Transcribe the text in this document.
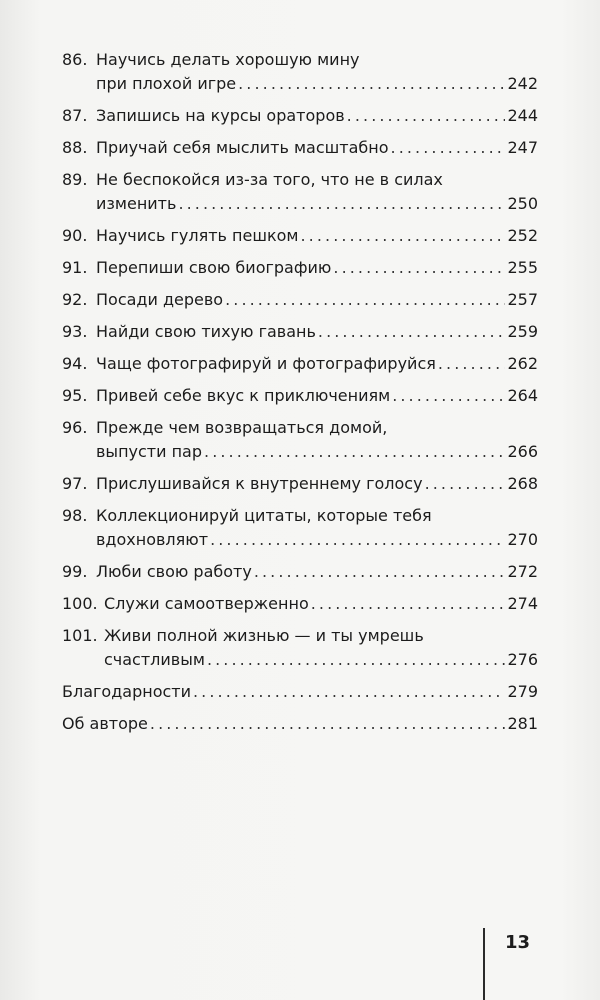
86. Научись делать хорошую мину
при плохой игре . . .	242
87. Запишись на курсы ораторов . . .	244
88. Приучай себя мыслить масштабно . . .	247
89. Не беспокойся из-за того, что не в силах
изменить . . .	250
90. Научись гулять пешком . . .	252
91. Перепиши свою биографию . . .	255
92. Посади дерево . . .	257
93. Найди свою тихую гавань . . .	259
94. Чаще фотографируй и фотографируйся . . .	262
95. Привей себе вкус к приключениям . . .	264
96. Прежде чем возвращаться домой,
выпусти пар . . .	266
97. Прислушивайся к внутреннему голосу . . .	268
98. Коллекционируй цитаты, которые тебя
вдохновляют . . .	270
99. Люби свою работу . . .	272
100. Служи самоотверженно . . .	274
101. Живи полной жизнью — и ты умрешь
счастливым . . .	276
Благодарности . . .	279
Об авторе . . .	281
13
